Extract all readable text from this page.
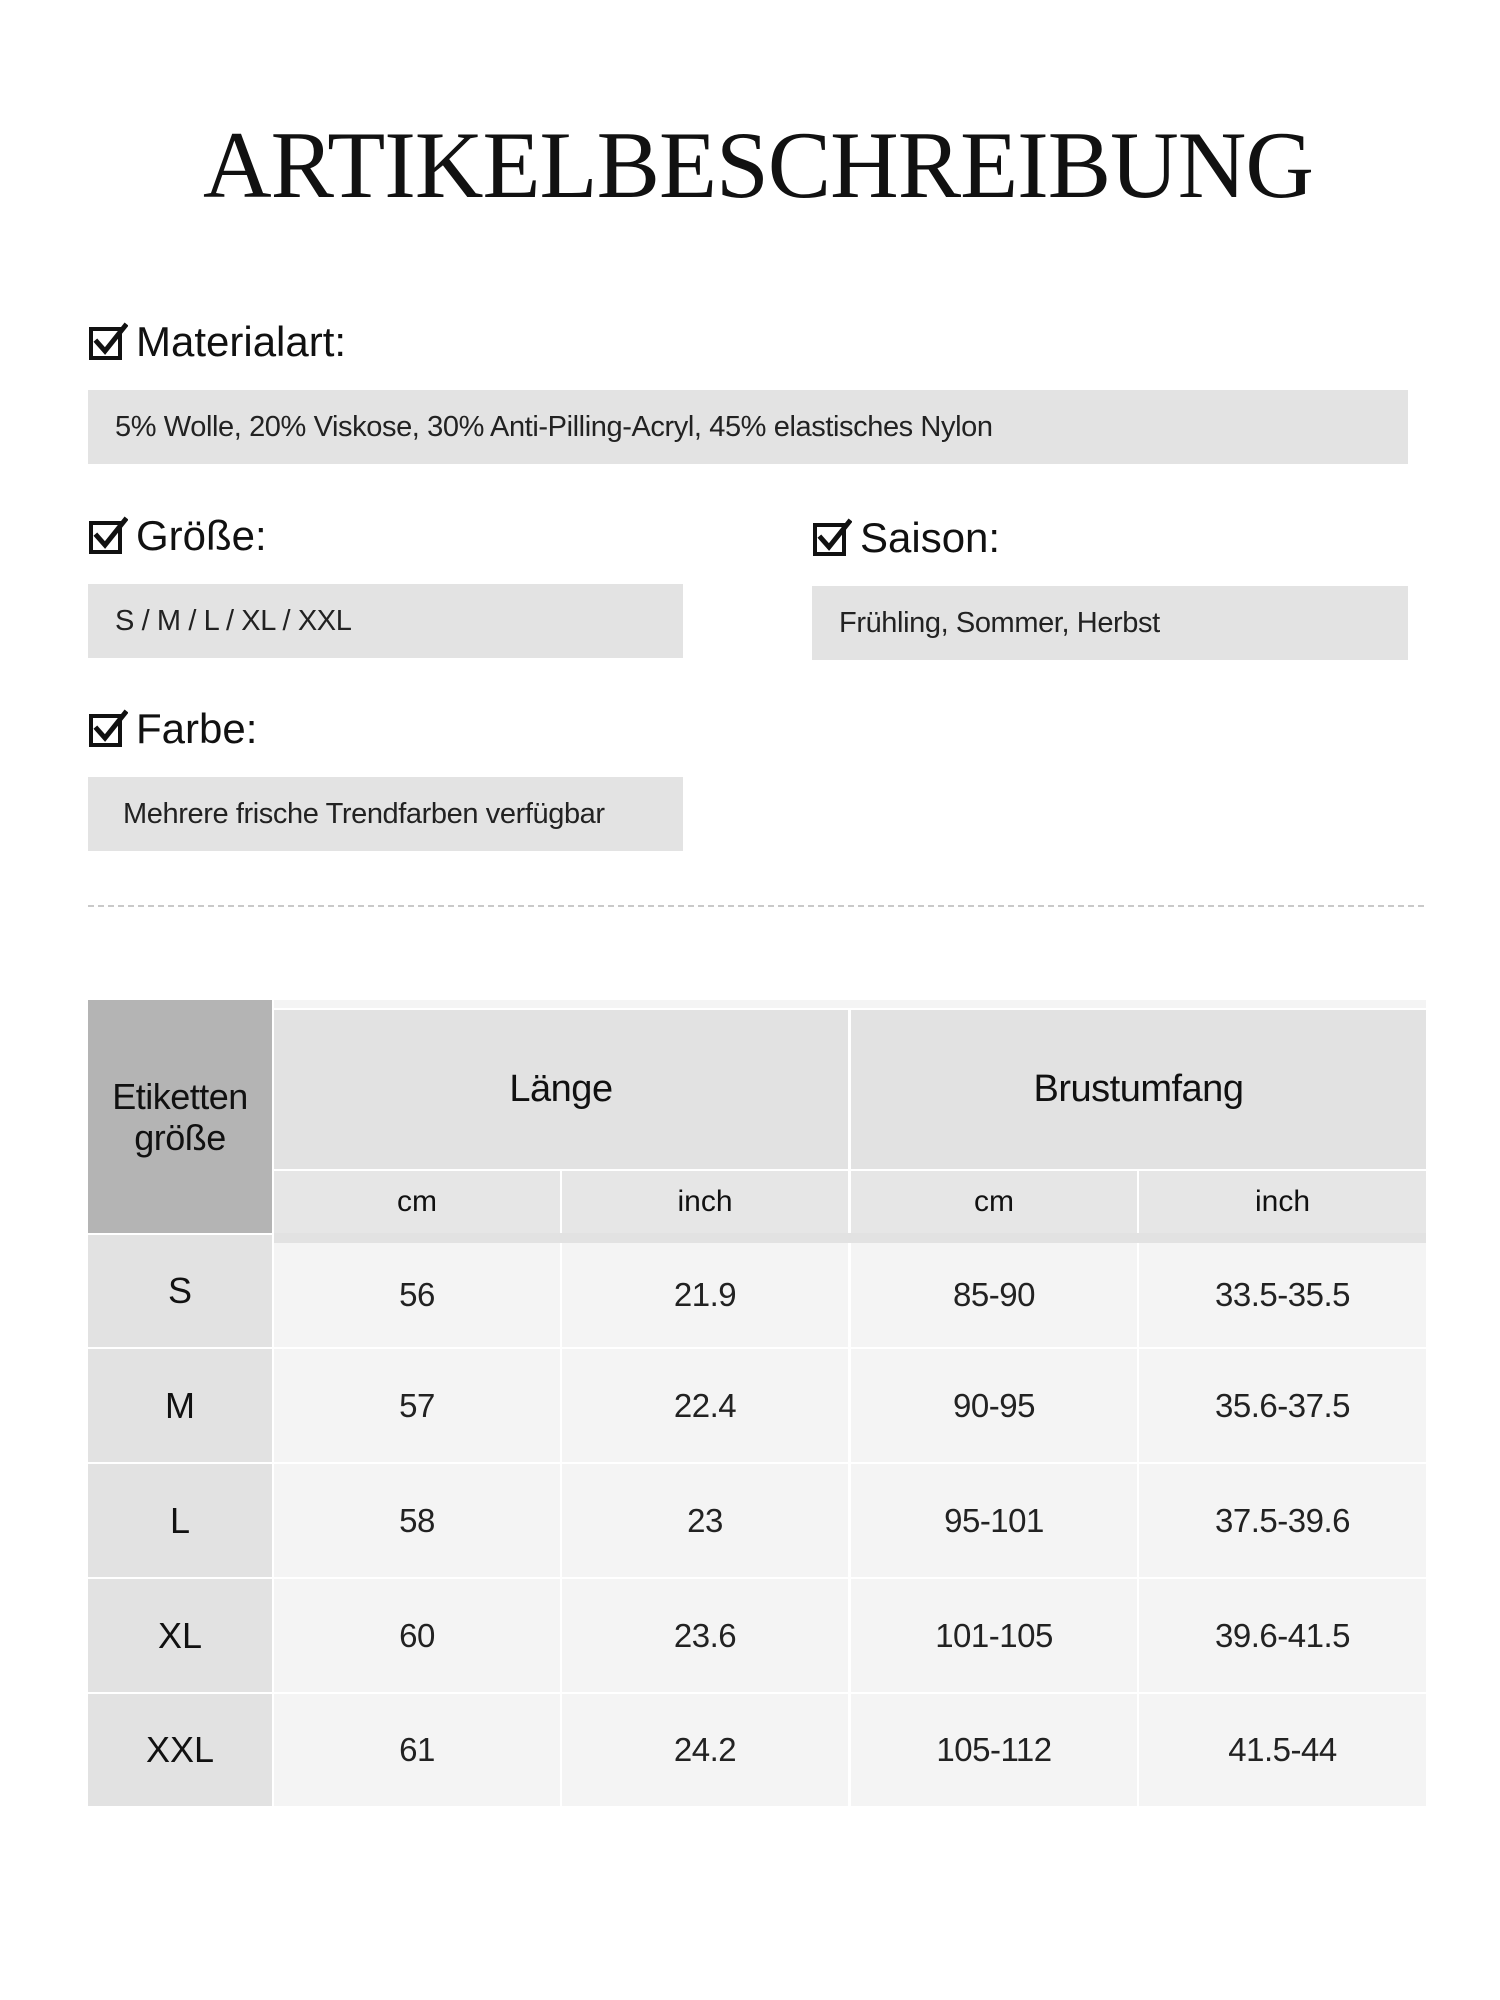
ARTIKELBESCHREIBUNG
Materialart:
5% Wolle, 20% Viskose, 30% Anti-Pilling-Acryl, 45% elastisches Nylon
Größe:
S / M / L / XL / XXL
Saison:
Frühling, Sommer, Herbst
Farbe:
Mehrere frische Trendfarben verfügbar
Etiketten
größe
Länge	Brustumfang
cm	inch	cm	inch
S	56	21.9	85-90	33.5-35.5
M	57	22.4	90-95	35.6-37.5
L	58	23	95-101	37.5-39.6
XL	60	23.6	101-105	39.6-41.5
XXL	61	24.2	105-112	41.5-44
